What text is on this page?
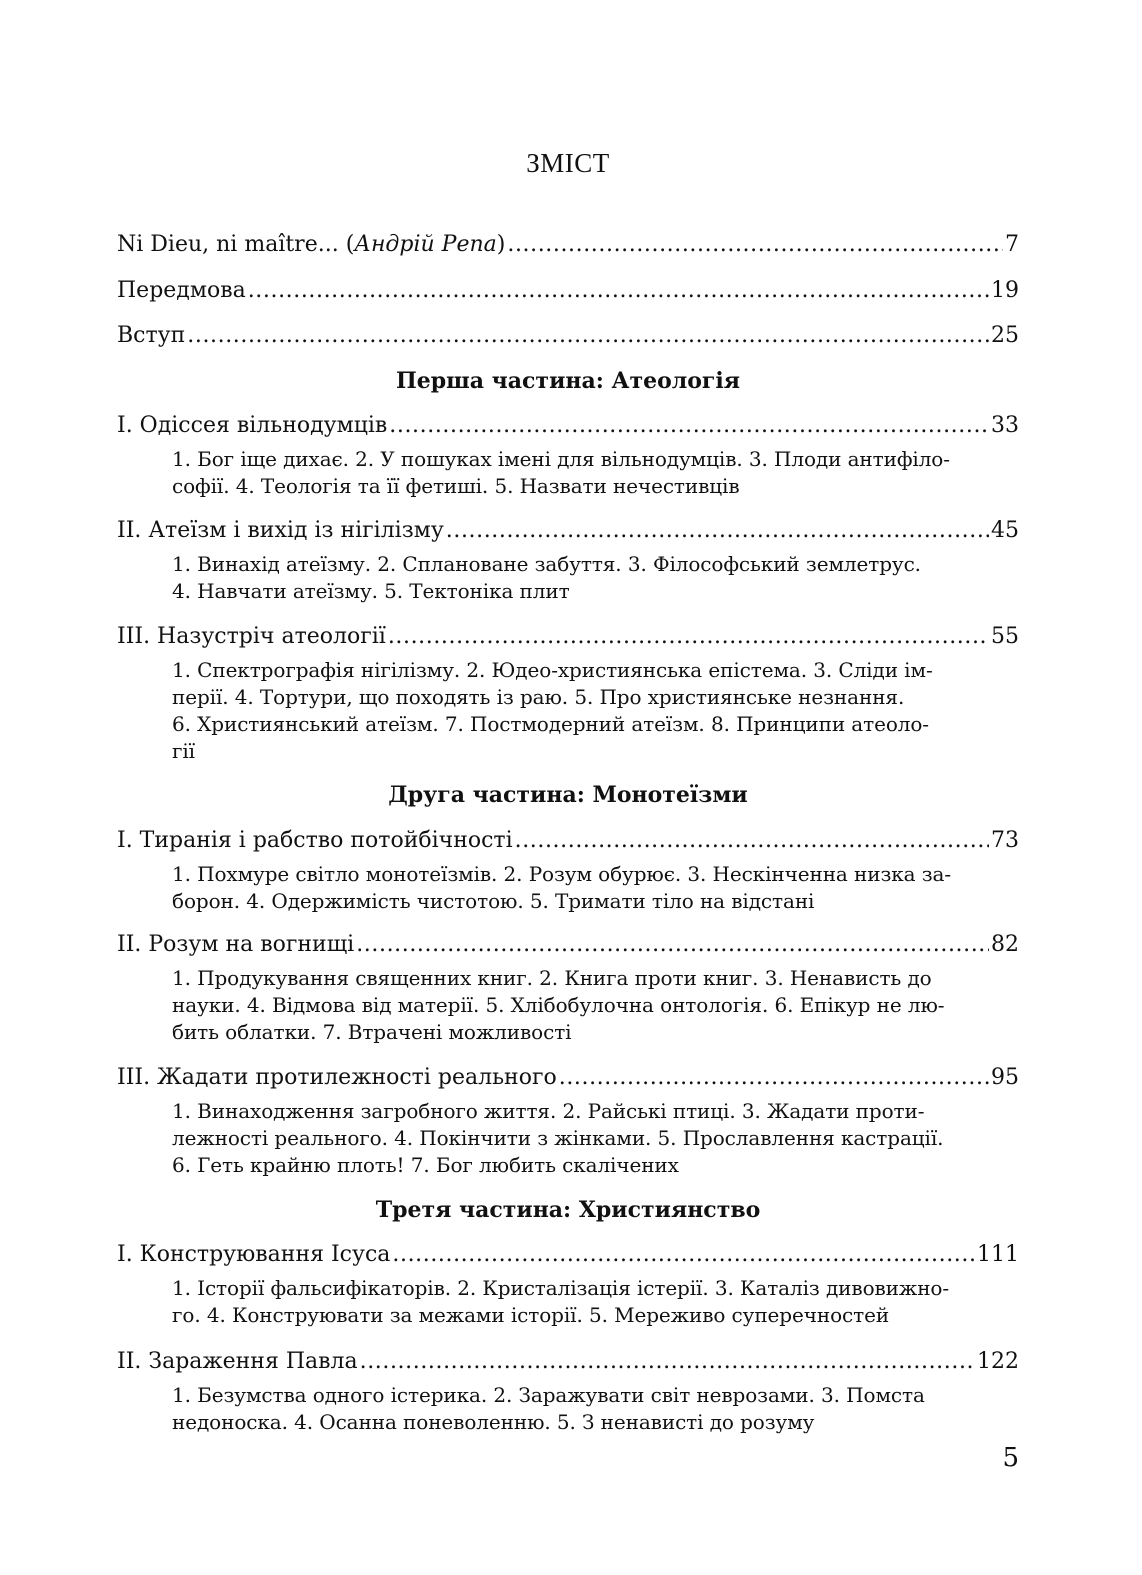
ЗМІСТ
Ni Dieu, ni maître... (Андрій Репа) . . .	7
Передмова . . .	19
Вступ . . .	25
Перша частина: Атеологія
I. Одіссея вільнодумців . . .	33
1. Бог іще дихає. 2. У пошуках імені для вільнодумців. 3. Плоди антифіло-
софії. 4. Теологія та її фетиші. 5. Назвати нечестивців
II. Атеїзм і вихід із нігілізму . . .	45
1. Винахід атеїзму. 2. Сплановане забуття. 3. Філософський землетрус.
4. Навчати атеїзму. 5. Тектоніка плит
III. Назустріч атеології . . .	55
1. Спектрографія нігілізму. 2. Юдео-християнська епістема. 3. Сліди ім-
перії. 4. Тортури, що походять із раю. 5. Про християнське незнання.
6. Християнський атеїзм. 7. Постмодерний атеїзм. 8. Принципи атеоло-
гії
Друга частина: Монотеїзми
I. Тиранія і рабство потойбічності . . .	73
1. Похмуре світло монотеїзмів. 2. Розум обурює. 3. Нескінченна низка за-
борон. 4. Одержимість чистотою. 5. Тримати тіло на відстані
II. Розум на вогнищі . . .	82
1. Продукування священних книг. 2. Книга проти книг. 3. Ненависть до
науки. 4. Відмова від матерії. 5. Хлібобулочна онтологія. 6. Епікур не лю-
бить облатки. 7. Втрачені можливості
III. Жадати протилежності реального . . .	95
1. Винаходження загробного життя. 2. Райські птиці. 3. Жадати проти-
лежності реального. 4. Покінчити з жінками. 5. Прославлення кастрації.
6. Геть крайню плоть! 7. Бог любить скалічених
Третя частина: Християнство
I. Конструювання Ісуса . . .	111
1. Історії фальсифікаторів. 2. Кристалізація істерії. 3. Каталіз дивовижно-
го. 4. Конструювати за межами історії. 5. Мереживо суперечностей
II. Зараження Павла . . .	122
1. Безумства одного істерика. 2. Заражувати світ неврозами. 3. Помста
недоноска. 4. Осанна поневоленню. 5. З ненависті до розуму
5
